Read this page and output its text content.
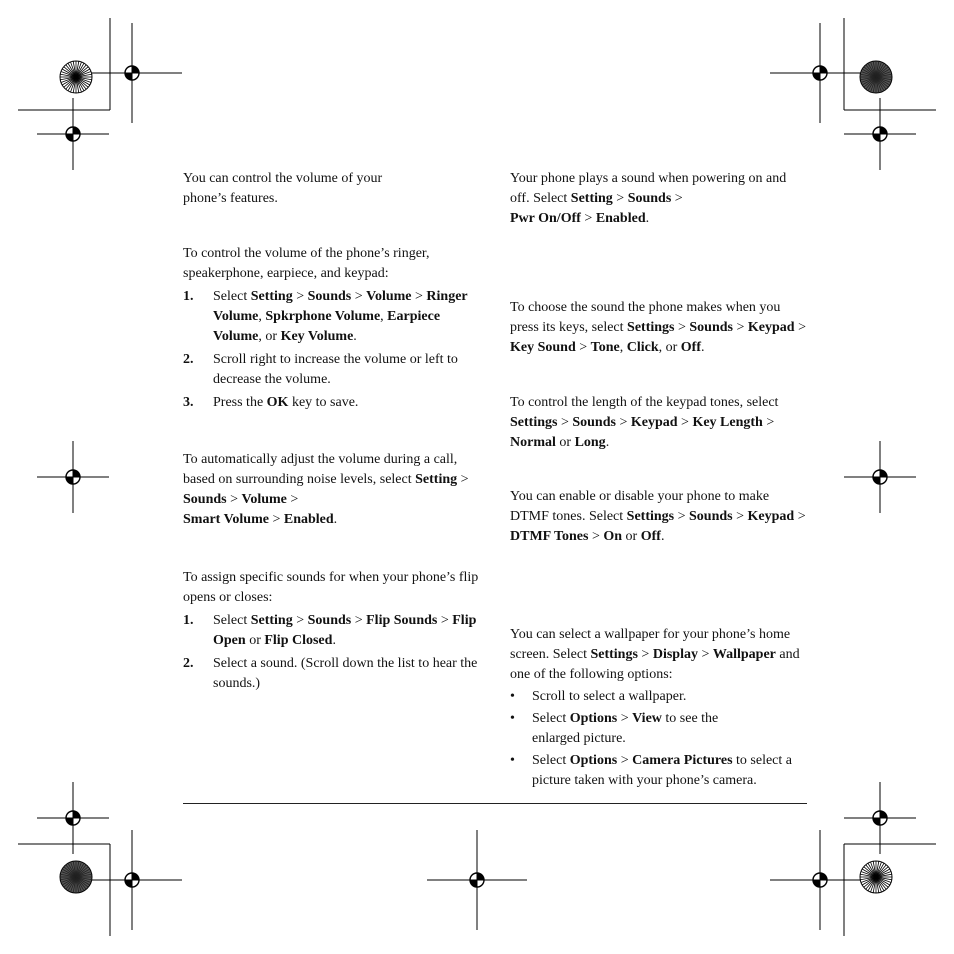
You can control the volume of your phone’s features.

To control the volume of the phone’s ringer, speakerphone, earpiece, and keypad:

1. Select Setting > Sounds > Volume > Ringer Volume, Spkrphone Volume, Earpiece Volume, or Key Volume.
2. Scroll right to increase the volume or left to decrease the volume.
3. Press the OK key to save.

To automatically adjust the volume during a call, based on surrounding noise levels, select Setting > Sounds > Volume >
Smart Volume > Enabled.

To assign specific sounds for when your phone’s flip opens or closes:

1. Select Setting > Sounds > Flip Sounds > Flip Open or Flip Closed.
2. Select a sound. (Scroll down the list to hear the sounds.)

Your phone plays a sound when powering on and off. Select Setting > Sounds >
Pwr On/Off > Enabled.

To choose the sound the phone makes when you press its keys, select Settings > Sounds > Keypad > Key Sound > Tone, Click, or Off.

To control the length of the keypad tones, select Settings > Sounds > Keypad > Key Length > Normal or Long.

You can enable or disable your phone to make DTMF tones. Select Settings > Sounds > Keypad > DTMF Tones > On or Off.

You can select a wallpaper for your phone’s home screen. Select Settings > Display > Wallpaper and one of the following options:

• Scroll to select a wallpaper.
• Select Options > View to see the
enlarged picture.
• Select Options > Camera Pictures to select a picture taken with your phone’s camera.
